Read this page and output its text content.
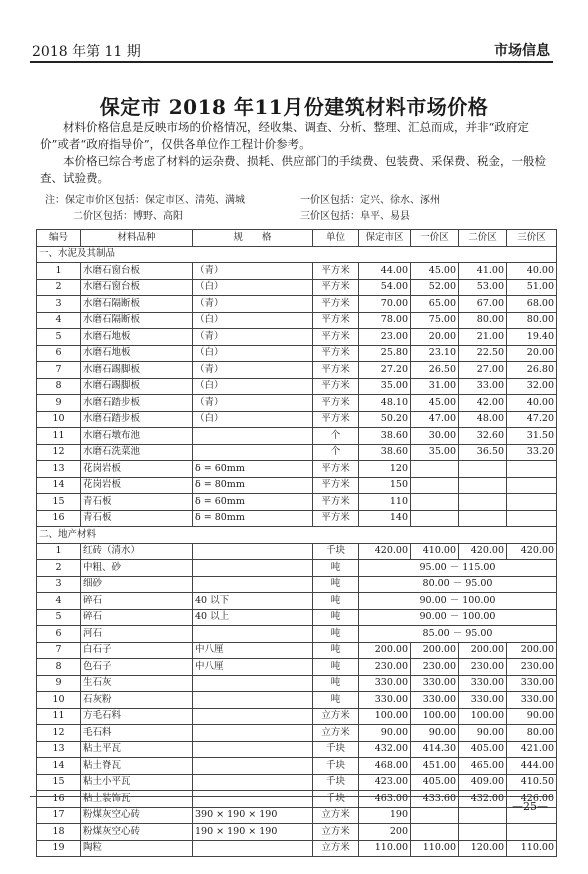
2018 年第 11 期	市场信息
保定市 2018 年11月份建筑材料市场价格

材料价格信息是反映市场的价格情况，经收集、调查、分析、整理、汇总而成，并非“政府定价”或者“政府指导价”，仅供各单位作工程计价参考。

本价格已综合考虑了材料的运杂费、损耗、供应部门的手续费、包装费、采保费、税金，一般检查、试验费。

注：保定市价区包括：保定市区、清苑、满城	一价区包括：定兴、徐水、涿州
二价区包括：博野、高阳	三价区包括：阜平、易县
编号	材料品种	规　　格	单位	保定市区	一价区	二价区	三价区
一、水泥及其制品							
1	水磨石窗台板	（青）	平方米	44.00	45.00	41.00	40.00
2	水磨石窗台板	（白）	平方米	54.00	52.00	53.00	51.00
3	水磨石隔断板	（青）	平方米	70.00	65.00	67.00	68.00
4	水磨石隔断板	（白）	平方米	78.00	75.00	80.00	80.00
5	水磨石地板	（青）	平方米	23.00	20.00	21.00	19.40
6	水磨石地板	（白）	平方米	25.80	23.10	22.50	20.00
7	水磨石踢脚板	（青）	平方米	27.20	26.50	27.00	26.80
8	水磨石踢脚板	（白）	平方米	35.00	31.00	33.00	32.00
9	水磨石踏步板	（青）	平方米	48.10	45.00	42.00	40.00
10	水磨石踏步板	（白）	平方米	50.20	47.00	48.00	47.20
11	水磨石墩布池		个	38.60	30.00	32.60	31.50
12	水磨石洗菜池		个	38.60	35.00	36.50	33.20
13	花岗岩板	δ = 60mm	平方米	120			
14	花岗岩板	δ = 80mm	平方米	150			
15	青石板	δ = 60mm	平方米	110			
16	青石板	δ = 80mm	平方米	140			
二、地产材料							
1	红砖（清水）		千块	420.00	410.00	420.00	420.00
2	中粗、砂		吨	95.00 － 115.00			
3	细砂		吨	80.00 － 95.00			
4	碎石	40 以下	吨	90.00 － 100.00			
5	碎石	40 以上	吨	90.00 － 100.00			
6	河石		吨	85.00 － 95.00			
7	白石子	中八厘	吨	200.00	200.00	200.00	200.00
8	色石子	中八厘	吨	230.00	230.00	230.00	230.00
9	生石灰		吨	330.00	330.00	330.00	330.00
10	石灰粉		吨	330.00	330.00	330.00	330.00
11	方毛石料		立方米	100.00	100.00	100.00	90.00
12	毛石料		立方米	90.00	90.00	90.00	80.00
13	粘土平瓦		千块	432.00	414.30	405.00	421.00
14	粘土脊瓦		千块	468.00	451.00	465.00	444.00
15	粘土小平瓦		千块	423.00	405.00	409.00	410.50
16	粘土装饰瓦		千块	463.00	433.60	432.00	426.00
17	粉煤灰空心砖	390 × 190 × 190	立方米	190			
18	粉煤灰空心砖	190 × 190 × 190	立方米	200			
19	陶粒		立方米	110.00	110.00	120.00	110.00
—25—
